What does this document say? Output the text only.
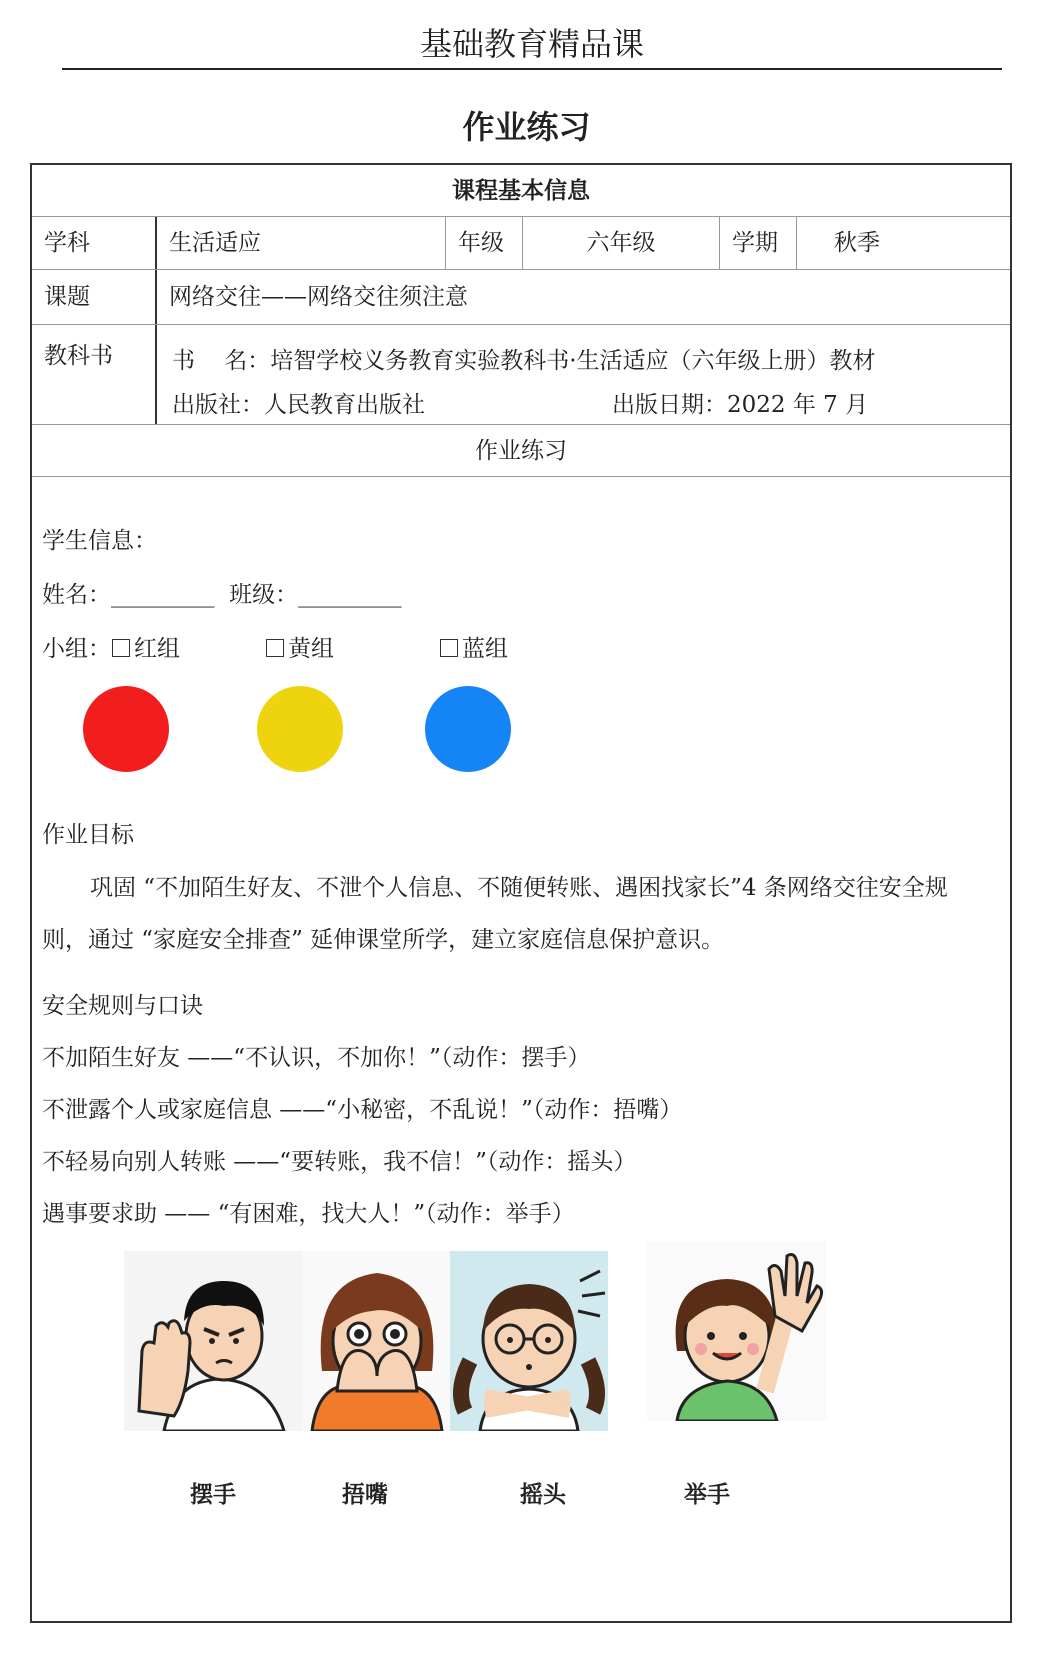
基础教育精品课
作业练习
课程基本信息
学科	生活适应	年级	六年级	学期	秋季
课题	网络交往——网络交往须注意
教科书	书    名：培智学校义务教育实验教科书·生活适应（六年级上册）教材
出版社：人民教育出版社	出版日期：2022 年 7 月
作业练习
学生信息：
姓名：_________ 班级：_________
小组：	红组	黄组	蓝组
作业目标
巩固 “不加陌生好友、不泄个人信息、不随便转账、遇困找家长”4 条网络交往安全规
则，通过 “家庭安全排查” 延伸课堂所学，建立家庭信息保护意识。
安全规则与口诀
不加陌生好友 ——“不认识，不加你！”（动作：摆手）
不泄露个人或家庭信息 ——“小秘密，不乱说！”（动作：捂嘴）
不轻易向别人转账 ——“要转账，我不信！”（动作：摇头）
遇事要求助 —— “有困难，找大人！”（动作：举手）
摆手	捂嘴	摇头	举手
